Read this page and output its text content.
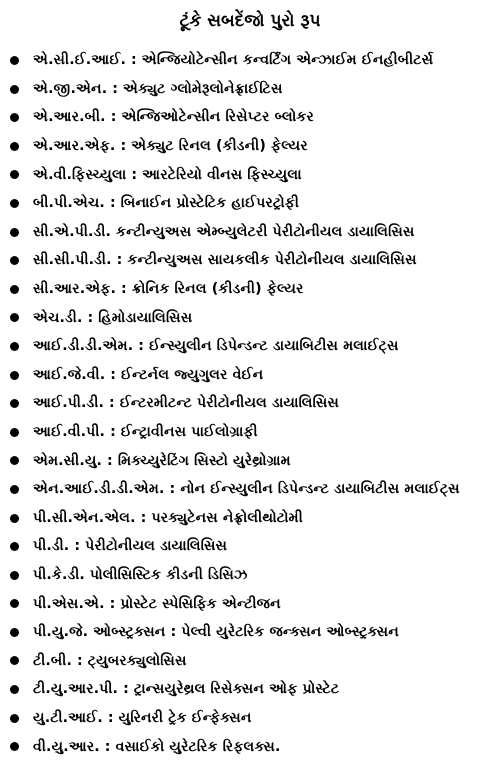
ટૂંકે સબદેંજો પુરો રૂપ
એ.સી.ઈ.આઈ. : એન્જિયોટેન્સીન કન્વર્ટિંગ એન્ઝાઈમ ઈનહીબીટર્સ
એ.જી.એન. : એક્યુટ ગ્લોમેરૂલોનેફ્રાઈટિસ
એ.આર.બી. : એન્જિઓટેન્સીન રિસેપ્ટર બ્લોકર
એ.આર.એફ. : એક્યુટ રિનલ (કીડની) ફેલ્યર
એ.વી.ફિસ્ચ્યુલા : આરટેરિયો વીનસ ફિસ્ચ્યુલા
બી.પી.એચ. : બિનાઈન પ્રોસ્ટેટિક હાઈપરટ્રોફી
સી.એ.પી.ડી. કન્ટીન્યુઅસ એમ્બ્યુલેટરી પેરીટોનીયલ ડાયાલિસિસ
સી.સી.પી.ડી. : કન્ટીન્યુઅસ સાયકલીક પેરીટોનીયલ ડાયાલિસિસ
સી.આર.એફ. : ક્રોનિક રિનલ (કીડની) ફેલ્યર
એચ.ડી. : હિમોડાયાલિસિસ
આઈ.ડી.ડી.એમ. : ઈન્સ્યુલીન ડિપેન્ડન્ટ ડાયાબિટીસ મલાઈટ્સ
આઈ.જે.વી. : ઈન્ટર્નલ જ્યુગુલર વેઈન
આઈ.પી.ડી. : ઈન્ટરમીટન્ટ પેરીટોનીયલ ડાયાલિસિસ
આઈ.વી.પી. : ઈન્ટ્રાવીનસ પાઈલોગ્રાફી
એમ.સી.યુ. : મિક્ચ્યુરેટિંગ સિસ્ટો યુરેથ્રોગ્રામ
એન.આઈ.ડી.ડી.એમ. : નોન ઈન્સ્યુલીન ડિપેન્ડન્ટ ડાયાબિટીસ મલાઈટ્સ
પી.સી.એન.એલ. : પરક્યુટેનસ નેફ્રોલીથોટોમી
પી.ડી. : પેરીટોનીયલ ડાયાલિસિસ
પી.કે.ડી. પોલીસિસ્ટિક કીડની ડિસિઝ
પી.એસ.એ. : પ્રોસ્ટેટ સ્પેસિફિક એન્ટીજન
પી.યુ.જે. ઓબ્સ્ટ્રક્સન : પેલ્વી યુરેટરિક જન્ક્સન ઓબ્સ્ટ્રક્સન
ટી.બી. : ટ્યુબરક્યુલોસિસ
ટી.યુ.આર.પી. : ટ્રાન્સયુરેથ્રલ રિસેક્સન ઓફ પ્રોસ્ટેટ
યુ.ટી.આઈ. : યુરિનરી ટ્રેક ઈન્ફેક્સન
વી.યુ.આર. : વસાઈકો યુરેટરિક રિફલક્સ.
